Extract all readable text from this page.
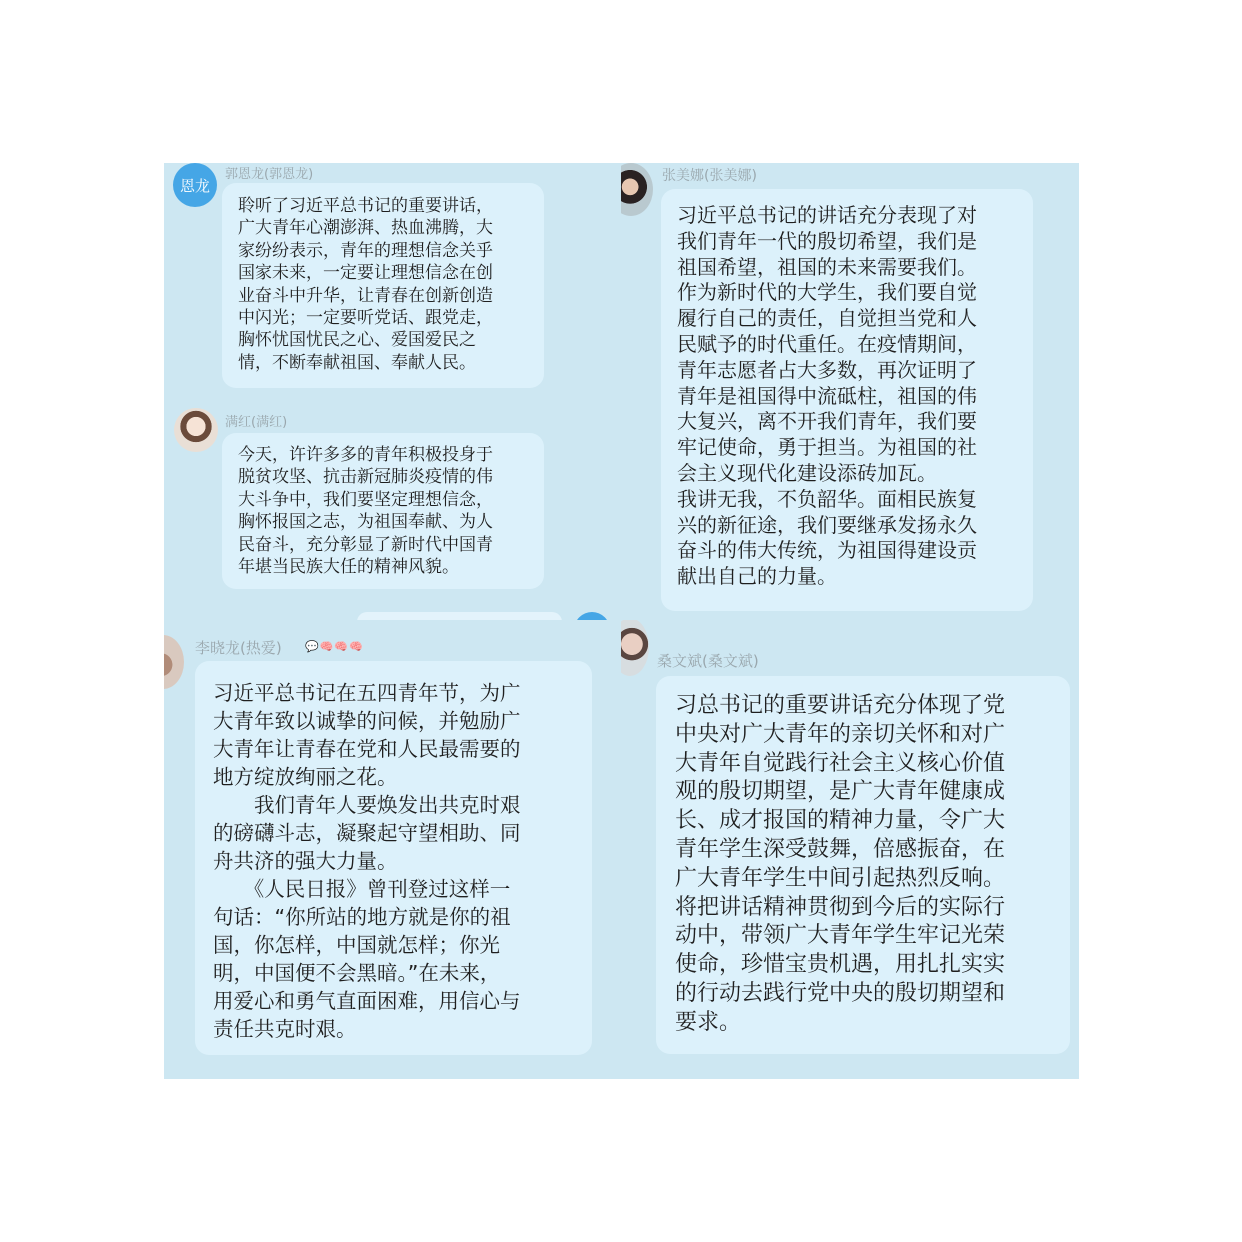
恩龙
郭恩龙(郭恩龙)

聆听了习近平总书记的重要讲话，
广大青年心潮澎湃、热血沸腾，大
家纷纷表示，青年的理想信念关乎
国家未来，一定要让理想信念在创
业奋斗中升华，让青春在创新创造
中闪光；一定要听党话、跟党走，
胸怀忧国忧民之心、爱国爱民之
情，不断奉献祖国、奉献人民。

满红(满红)

今天，许许多多的青年积极投身于
脱贫攻坚、抗击新冠肺炎疫情的伟
大斗争中，我们要坚定理想信念，
胸怀报国之志，为祖国奉献、为人
民奋斗，充分彰显了新时代中国青
年堪当民族大任的精神风貌。

张美娜(张美娜)

习近平总书记的讲话充分表现了对
我们青年一代的殷切希望，我们是
祖国希望，祖国的未来需要我们。
作为新时代的大学生，我们要自觉
履行自己的责任，自觉担当党和人
民赋予的时代重任。在疫情期间，
青年志愿者占大多数，再次证明了
青年是祖国得中流砥柱，祖国的伟
大复兴，离不开我们青年，我们要
牢记使命，勇于担当。为祖国的社
会主义现代化建设添砖加瓦。
我讲无我，不负韶华。面相民族复
兴的新征途，我们要继承发扬永久
奋斗的伟大传统，为祖国得建设贡
献出自己的力量。

李晓龙(热爱) 💬🧠🧠🧠

习近平总书记在五四青年节，为广
大青年致以诚挚的问候，并勉励广
大青年让青春在党和人民最需要的
地方绽放绚丽之花。
　　我们青年人要焕发出共克时艰
的磅礴斗志，凝聚起守望相助、同
舟共济的强大力量。
　　《人民日报》曾刊登过这样一
句话：“你所站的地方就是你的祖
国，你怎样，中国就怎样；你光
明，中国便不会黑暗。”在未来，
用爱心和勇气直面困难，用信心与
责任共克时艰。

桑文斌(桑文斌)

习总书记的重要讲话充分体现了党
中央对广大青年的亲切关怀和对广
大青年自觉践行社会主义核心价值
观的殷切期望，是广大青年健康成
长、成才报国的精神力量，令广大
青年学生深受鼓舞，倍感振奋，在
广大青年学生中间引起热烈反响。
将把讲话精神贯彻到今后的实际行
动中，带领广大青年学生牢记光荣
使命，珍惜宝贵机遇，用扎扎实实
的行动去践行党中央的殷切期望和
要求。
